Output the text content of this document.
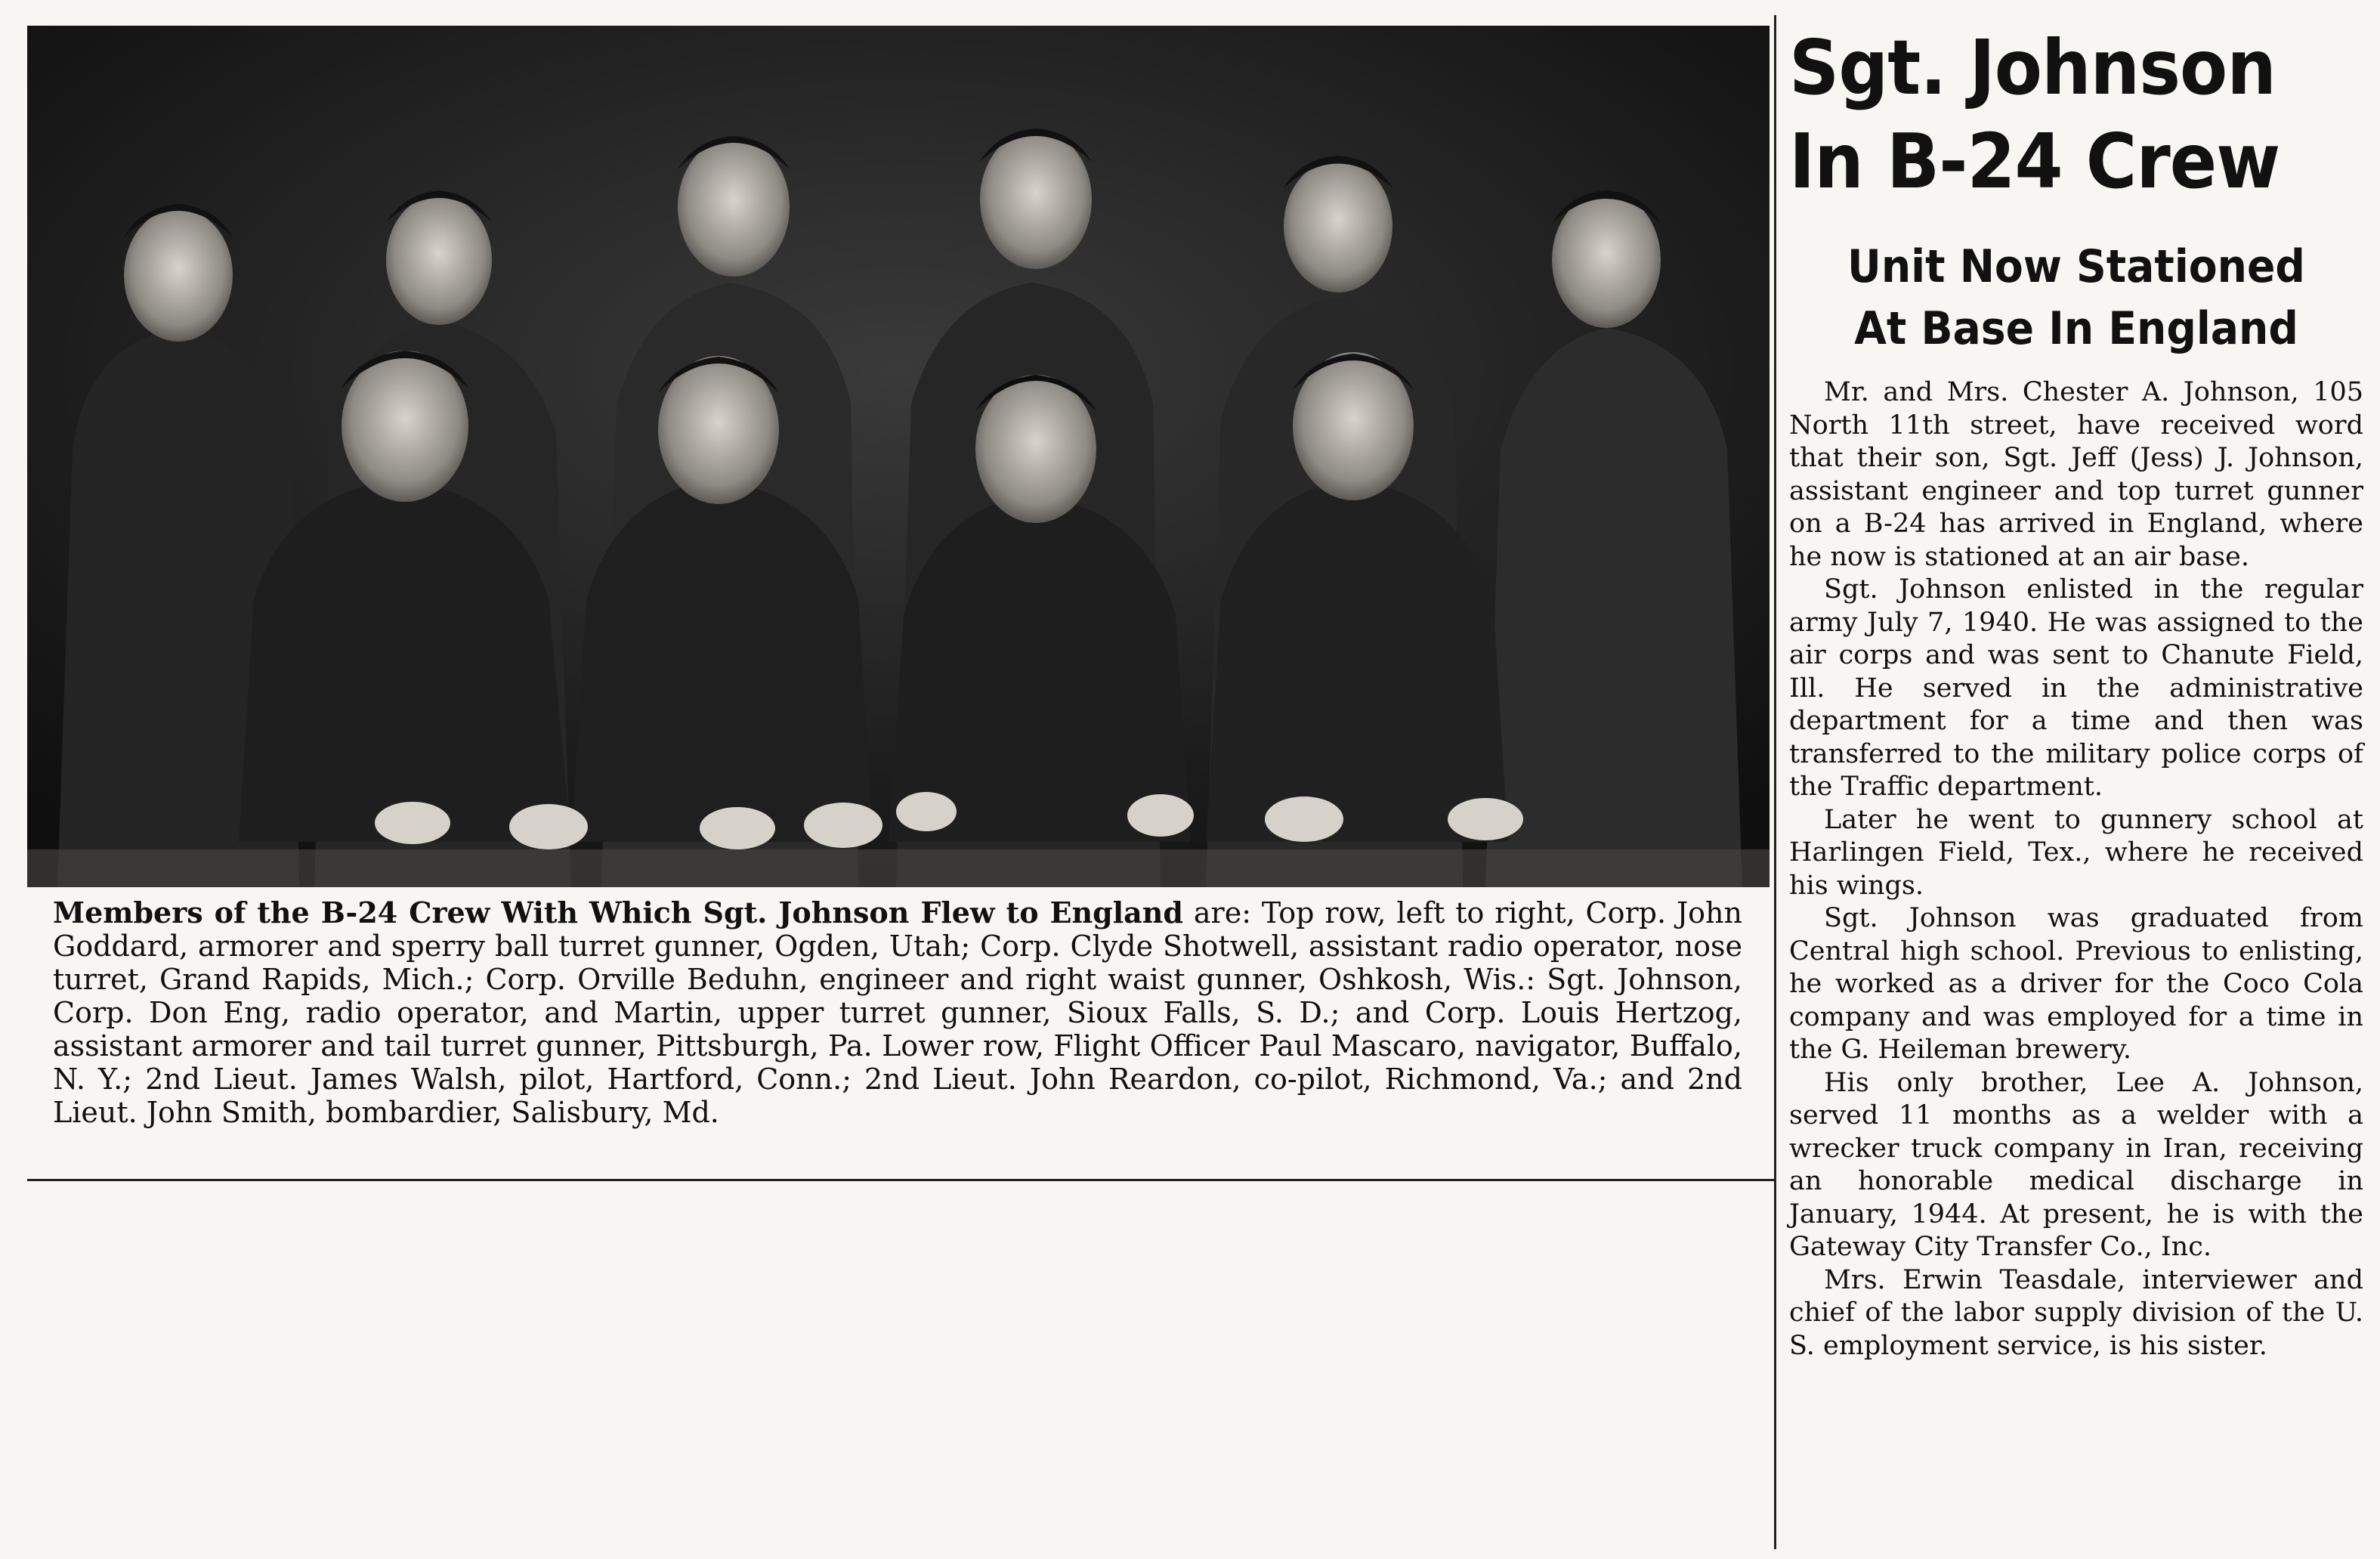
Members of the B-24 Crew With Which Sgt. Johnson Flew to England are: Top row, left to right, Corp. John Goddard, armorer and sperry ball turret gunner, Ogden, Utah; Corp. Clyde Shotwell, assistant radio operator, nose turret, Grand Rapids, Mich.; Corp. Orville Beduhn, engineer and right waist gunner, Oshkosh, Wis.: Sgt. Johnson, Corp. Don Eng, radio operator, and Martin, upper turret gunner, Sioux Falls, S. D.; and Corp. Louis Hertzog, assistant armorer and tail turret gunner, Pittsburgh, Pa. Lower row, Flight Officer Paul Mascaro, navigator, Buffalo, N. Y.; 2nd Lieut. James Walsh, pilot, Hartford, Conn.; 2nd Lieut. John Reardon, co-pilot, Richmond, Va.; and 2nd Lieut. John Smith, bombardier, Salisbury, Md.
Sgt. Johnson
In B-24 Crew
Unit Now Stationed
At Base In England

Mr. and Mrs. Chester A. Johnson, 105 North 11th street, have received word that their son, Sgt. Jeff (Jess) J. Johnson, assistant engineer and top turret gunner on a B-24 has arrived in England, where he now is stationed at an air base.

Sgt. Johnson enlisted in the regular army July 7, 1940. He was assigned to the air corps and was sent to Chanute Field, Ill. He served in the administrative department for a time and then was transferred to the military police corps of the Traffic department.

Later he went to gunnery school at Harlingen Field, Tex., where he received his wings.

Sgt. Johnson was graduated from Central high school. Previous to enlisting, he worked as a driver for the Coco Cola company and was employed for a time in the G. Heileman brewery.

His only brother, Lee A. Johnson, served 11 months as a welder with a wrecker truck company in Iran, receiving an honorable medical discharge in January, 1944. At present, he is with the Gateway City Transfer Co., Inc.

Mrs. Erwin Teasdale, interviewer and chief of the labor supply division of the U. S. employment service, is his sister.
